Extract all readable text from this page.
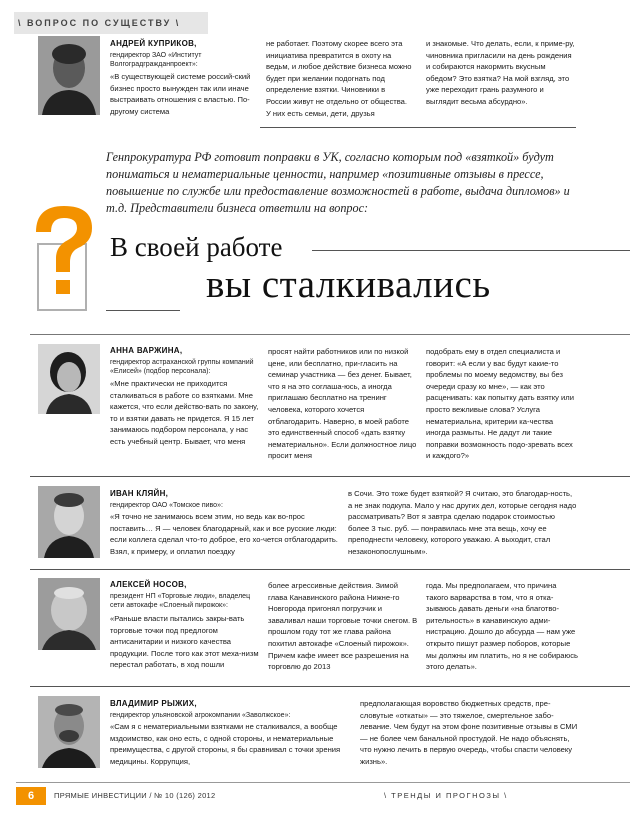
\ ВОПРОС ПО СУЩЕСТВУ \
АНДРЕЙ КУПРИКОВ,
гендиректор ЗАО «Институт Волгоградгражданпроект»:
«В существующей системе россий-ский бизнес просто вынужден так или иначе выстраивать отношения с властью. По-другому система
не работает. Поэтому скорее всего эта инициатива превратится в охоту на ведьм, и любое действие бизнеса можно будет при желании подогнать под определение взятки. Чиновники в России живут не отдельно от общества. У них есть семьи, дети, друзья
и знакомые. Что делать, если, к приме-ру, чиновника пригласили на день рождения и собираются накормить вкусным обедом? Это взятка? На мой взгляд, это уже переходит грань разумного и выглядит весьма абсурдно».
Генпрокуратура РФ готовит поправки в УК, согласно которым под «взяткой» будут пониматься и нематериальные ценности, например «позитивные отзывы в прессе, повышение по службе или предоставление возможностей в работе, выдача дипломов» и т.д. Представители бизнеса ответили на вопрос:
В своей работе
вы сталкивались
АННА ВАРЖИНА,
гендиректор астраханской группы компаний «Елисей» (подбор персонала):
«Мне практически не приходится сталкиваться в работе со взятками. Мне кажется, что если действо-вать по закону, то и взятки давать не придется. Я 15 лет занимаюсь подбором персонала, у нас есть учебный центр. Бывает, что меня
просят найти работников или по низкой цене, или бесплатно, при-гласить на семинар участника — без денег. Бывает, что я на это соглаша-юсь, а иногда приглашаю бесплатно на тренинг человека, которого хочется отблагодарить. Наверно, в моей работе это единственный способ «дать взятку нематериально». Если должностное лицо просит меня
подобрать ему в отдел специалиста и говорит: «А если у вас будут какие-то проблемы по моему ведомству, вы без очереди сразу ко мне», — как это расценивать: как попытку дать взятку или просто вежливые слова? Услуга нематериальна, критерии ка-чества иногда размыты. Не дадут ли такие поправки возможность подо-зревать всех и каждого?»
ИВАН КЛЯЙН,
гендиректор ОАО «Томское пиво»:
«Я точно не занимаюсь всем этим, но ведь как во-прос поставить… Я — человек благодарный, как и все русские люди: если коллега сделал что-то доброе, его хо-чется отблагодарить. Взял, к примеру, и оплатил поездку
в Сочи. Это тоже будет взяткой? Я считаю, это благодар-ность, а не знак подкупа. Мало у нас других дел, которые сегодня надо рассматривать? Вот я завтра сделаю подарок стоимостью более 3 тыс. руб. — понравилась мне эта вещь, хочу ее преподнести человеку, которого уважаю. А выходит, стал незаконопослушным».
АЛЕКСЕЙ НОСОВ,
президент НП «Торговые люди», владелец сети автокафе «Слоеный пирожок»:
«Раньше власти пытались закры-вать торговые точки под предлогом антисанитарии и низкого качества продукции. После того как этот меха-низм перестал работать, в ход пошли
более агрессивные действия. Зимой глава Канавинского района Нижне-го Новгорода пригонял погрузчик и заваливал наши торговые точки снегом. В прошлом году тот же глава района похитил автокафе «Слоеный пирожок». Причем кафе имеет все разрешения на торговлю до 2013
года. Мы предполагаем, что причина такого варварства в том, что я отка-зываюсь давать деньги «на благотво-рительность» в канавинскую адми-нистрацию. Дошло до абсурда — нам уже открыто пишут размер поборов, которые мы должны им платить, но я не собираюсь этого делать».
ВЛАДИМИР РЫЖИХ,
гендиректор ульяновской агрокомпании «Заволжское»:
«Сам я с нематериальными взятками не сталкивался, а вообще мздоимство, как оно есть, с одной стороны, и нематериальные преимущества, с другой стороны, я бы сравнивал с точки зрения медицины. Коррупция,
предполагающая воровство бюджетных средств, пре-словутые «откаты» — это тяжелое, смертельное забо-левание. Чем будут на этом фоне позитивные отзывы в СМИ — не более чем банальной простудой. Не надо объяснять, что нужно лечить в первую очередь, чтобы спасти человеку жизнь».
6	ПРЯМЫЕ ИНВЕСТИЦИИ / № 10 (126) 2012	\ ТРЕНДЫ И ПРОГНОЗЫ \
